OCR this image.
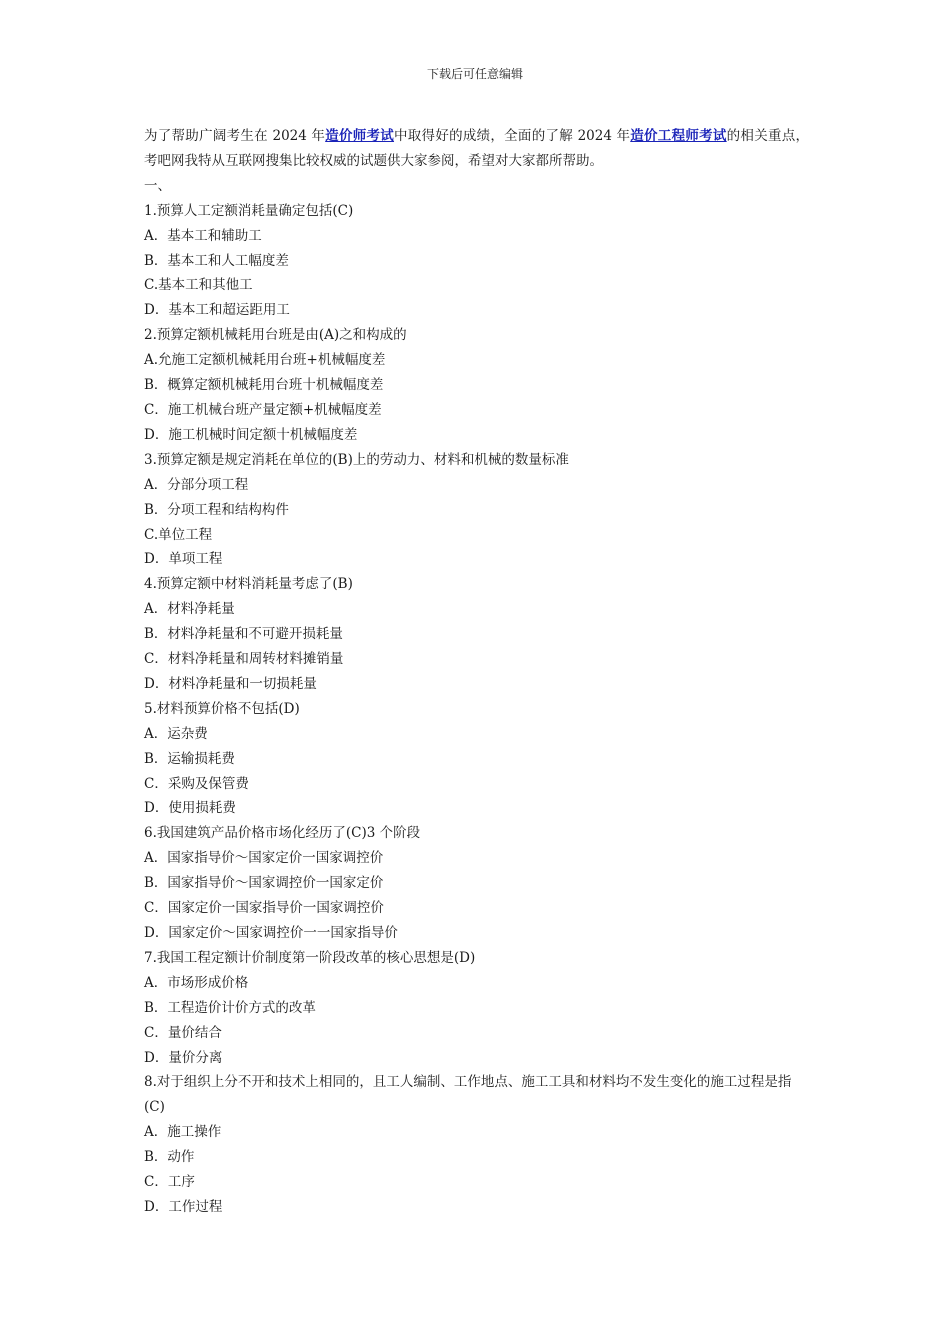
下载后可任意编辑

为了帮助广阔考生在 2024 年造价师考试中取得好的成绩，全面的了解 2024 年造价工程师考试的相关重点，考吧网我特从互联网搜集比较权威的试题供大家参阅，希望对大家都所帮助。

一、

1.预算人工定额消耗量确定包括(C)

A．基本工和辅助工

B．基本工和人工幅度差

C.基本工和其他工

D．基本工和超运距用工

2.预算定额机械耗用台班是由(A)之和构成的

A.允施工定额机械耗用台班+机械幅度差

B．概算定额机械耗用台班十机械幅度差

C．施工机械台班产量定额+机械幅度差

D．施工机械时间定额十机械幅度差

3.预算定额是规定消耗在单位的(B)上的劳动力、材料和机械的数量标准

A．分部分项工程

B．分项工程和结构构件

C.单位工程

D．单项工程

4.预算定额中材料消耗量考虑了(B)

A．材料净耗量

B．材料净耗量和不可避开损耗量

C．材料净耗量和周转材料摊销量

D．材料净耗量和一切损耗量

5.材料预算价格不包括(D)

A．运杂费

B．运输损耗费

C．采购及保管费

D．使用损耗费

6.我国建筑产品价格市场化经历了(C)3 个阶段

A．国家指导价～国家定价一国家调控价

B．国家指导价～国家调控价一国家定价

C．国家定价一国家指导价一国家调控价

D．国家定价～国家调控价一一国家指导价

7.我国工程定额计价制度第一阶段改革的核心思想是(D)

A．市场形成价格

B．工程造价计价方式的改革

C．量价结合

D．量价分离

8.对于组织上分不开和技术上相同的，且工人编制、工作地点、施工工具和材料均不发生变化的施工过程是指(C)

A．施工操作

B．动作

C．工序

D．工作过程
